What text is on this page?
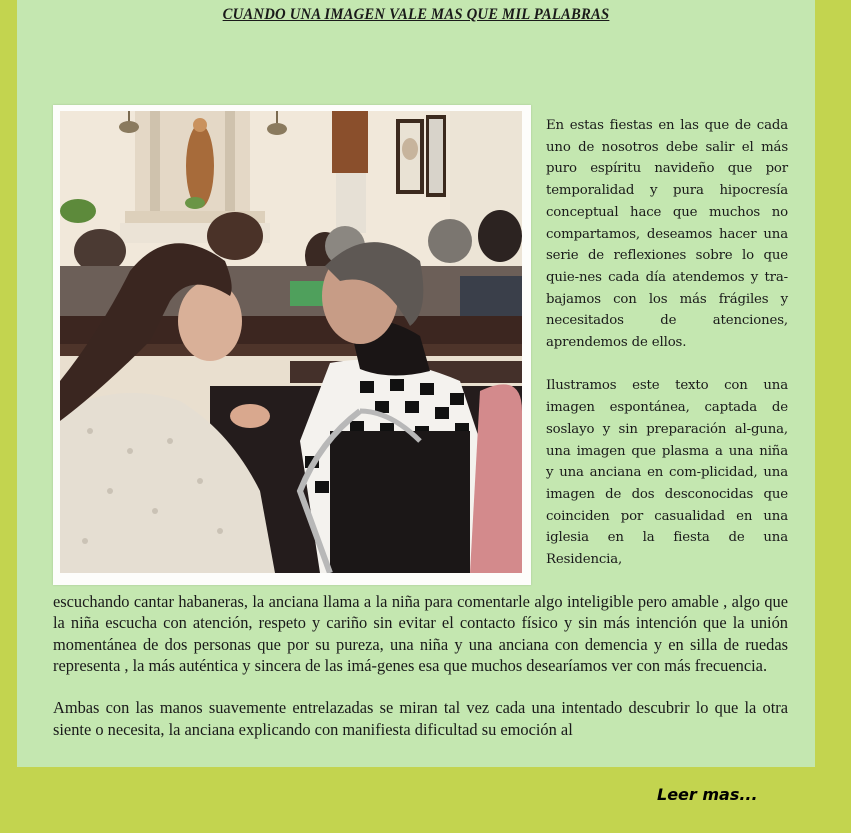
CUANDO UNA IMAGEN VALE MAS QUE MIL PALABRAS

En estas fiestas en las que de cada uno de nosotros debe salir el más puro espíritu navideño que por temporalidad y pura hipocresía conceptual hace que muchos no compartamos, deseamos hacer una serie de reflexiones sobre lo que quie-nes cada día atendemos y tra-bajamos con los más frágiles y necesitados de atenciones, aprendemos de ellos.

Ilustramos este texto con una imagen espontánea, captada de soslayo y sin preparación al-guna, una imagen que plasma a una niña y una anciana en com-plicidad, una imagen de dos desconocidas que coinciden por casualidad en una iglesia en la fiesta de una Residencia,

escuchando cantar habaneras, la anciana llama a la niña para comentarle algo inteligible pero amable , algo que la niña escucha con atención, respeto y cariño sin evitar el contacto físico y sin más intención que la unión momentánea de dos personas que por su pureza, una niña y una anciana con demencia y en silla de ruedas representa , la más auténtica y sincera de las imá-genes esa que muchos desearíamos ver con más frecuencia.

Ambas con las manos suavemente entrelazadas se miran tal vez cada una intentado descubrir lo que la otra siente o necesita, la anciana explicando con manifiesta dificultad su emoción al

Leer mas...
